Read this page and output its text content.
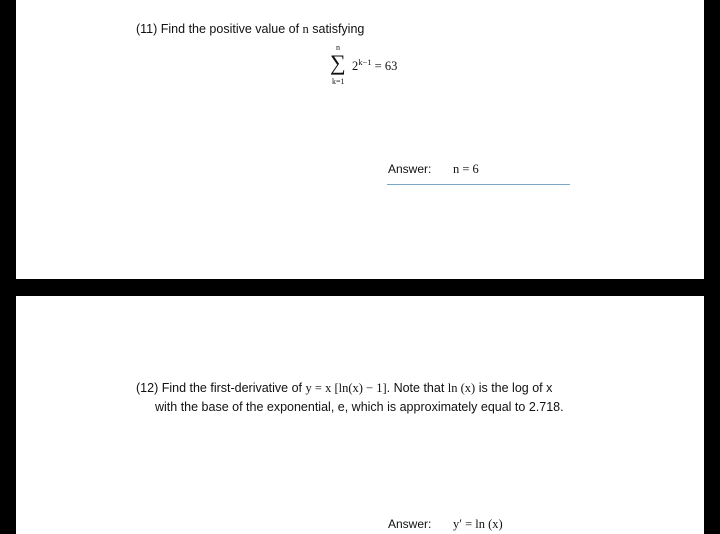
(11) Find the positive value of n satisfying
n
∑
k=1
$2^{k-1} = 63$
Answer: n = 6
(12) Find the first-derivative of y = x [ln(x) − 1]. Note that ln (x) is the log of x
with the base of the exponential, e, which is approximately equal to 2.718.
Answer: y′ = ln (x)
